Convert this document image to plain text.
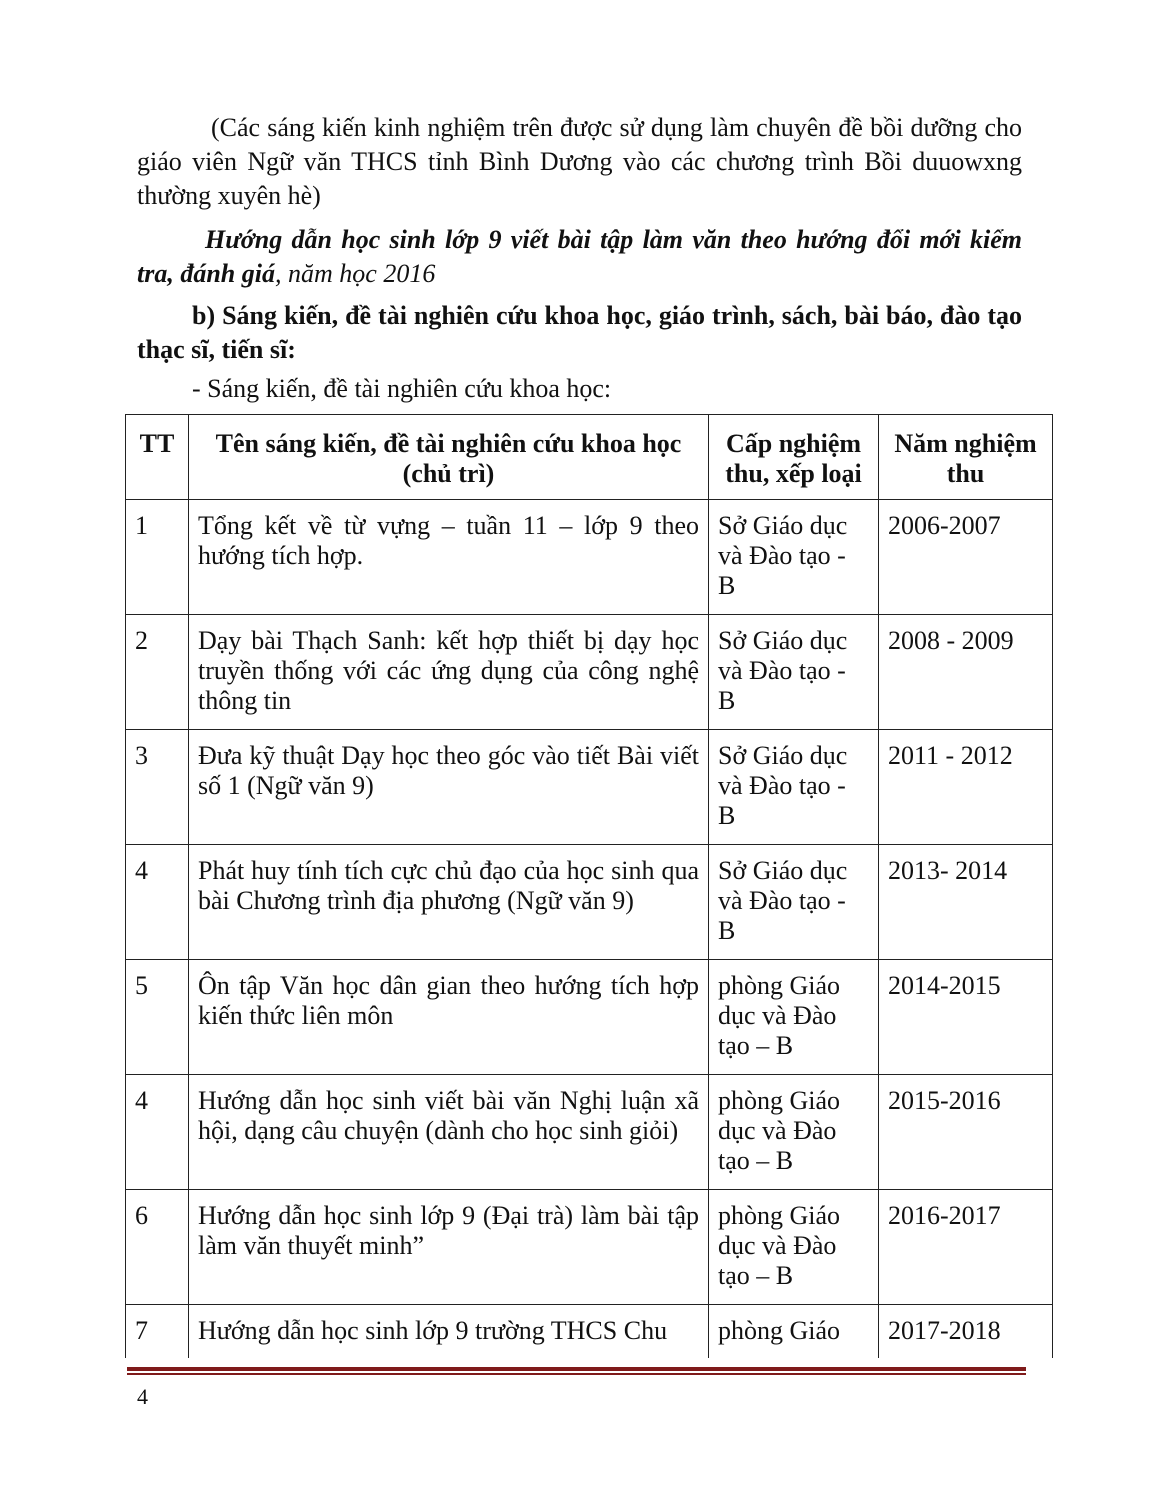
(Các sáng kiến kinh nghiệm trên được sử dụng làm chuyên đề bồi dưỡng cho giáo viên Ngữ văn THCS tỉnh Bình Dương vào các chương trình Bồi duuowxng thường xuyên hè)

Hướng dẫn học sinh lớp 9 viết bài tập làm văn theo hướng đổi mới kiểm tra, đánh giá, năm học 2016

b) Sáng kiến, đề tài nghiên cứu khoa học, giáo trình, sách, bài báo, đào tạo thạc sĩ, tiến sĩ:

- Sáng kiến, đề tài nghiên cứu khoa học:

TT	Tên sáng kiến, đề tài nghiên cứu khoa học (chủ trì)	Cấp nghiệm thu, xếp loại	Năm nghiệm thu
1	Tổng kết về từ vựng – tuần 11 – lớp 9 theo hướng tích hợp.	Sở Giáo dục và Đào tạo - B	2006-2007
2	Dạy bài Thạch Sanh: kết hợp thiết bị dạy học truyền thống với các ứng dụng của công nghệ thông tin	Sở Giáo dục và Đào tạo - B	2008 - 2009
3	Đưa kỹ thuật Dạy học theo góc vào tiết Bài viết số 1 (Ngữ văn 9)	Sở Giáo dục và Đào tạo - B	2011 - 2012
4	Phát huy tính tích cực chủ đạo của học sinh qua bài Chương trình địa phương (Ngữ văn 9)	Sở Giáo dục và Đào tạo - B	2013- 2014
5	Ôn tập Văn học dân gian theo hướng tích hợp kiến thức liên môn	phòng Giáo dục và Đào tạo – B	2014-2015
4	Hướng dẫn học sinh viết bài văn Nghị luận xã hội, dạng câu chuyện (dành cho học sinh giỏi)	phòng Giáo dục và Đào tạo – B	2015-2016
6	Hướng dẫn học sinh lớp 9 (Đại trà) làm bài tập làm văn thuyết minh”	phòng Giáo dục và Đào tạo – B	2016-2017
7	Hướng dẫn học sinh lớp 9 trường THCS Chu	phòng Giáo	2017-2018
4
